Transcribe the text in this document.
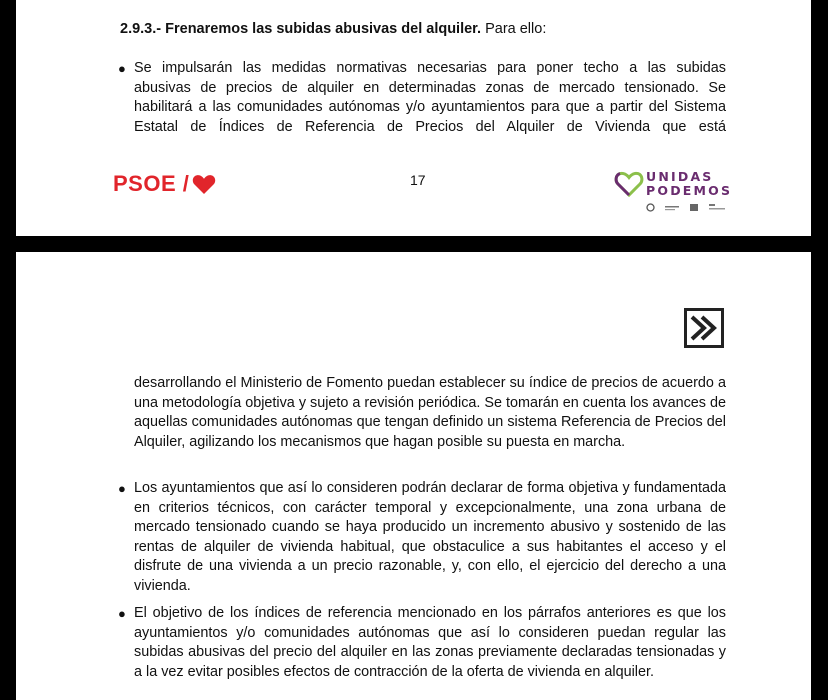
2.9.3.- Frenaremos las subidas abusivas del alquiler. Para ello:
● Se impulsarán las medidas normativas necesarias para poner techo a las subidas

abusivas de precios de alquiler en determinadas zonas de mercado tensionado. Se

habilitará a las comunidades autónomas y/o ayuntamientos para que a partir del Sistema

Estatal de Índices de Referencia de Precios del Alquiler de Vivienda que está

PSOE /	17	UNIDAS
PODEMOS

desarrollando el Ministerio de Fomento puedan establecer su índice de precios de acuerdo a una metodología objetiva y sujeto a revisión periódica. Se tomarán en cuenta los avances de aquellas comunidades autónomas que tengan definido un sistema Referencia de Precios del Alquiler, agilizando los mecanismos que hagan posible su puesta en marcha.

● Los ayuntamientos que así lo consideren podrán declarar de forma objetiva y fundamentada en criterios técnicos, con carácter temporal y excepcionalmente, una zona urbana de mercado tensionado cuando se haya producido un incremento abusivo y sostenido de las rentas de alquiler de vivienda habitual, que obstaculice a sus habitantes el acceso y el disfrute de una vivienda a un precio razonable, y, con ello, el ejercicio del derecho a una vivienda.

● El objetivo de los índices de referencia mencionado en los párrafos anteriores es que los ayuntamientos y/o comunidades autónomas que así lo consideren puedan regular las subidas abusivas del precio del alquiler en las zonas previamente declaradas tensionadas y a la vez evitar posibles efectos de contracción de la oferta de vivienda en alquiler.
